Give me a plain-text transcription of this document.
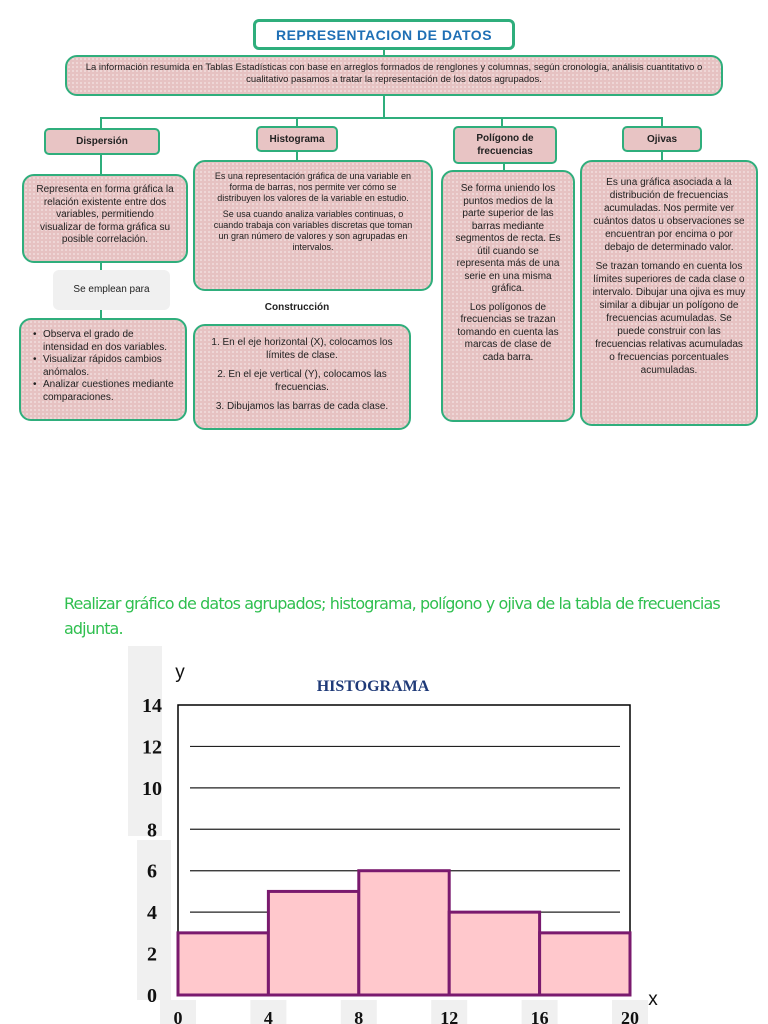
REPRESENTACION DE DATOS
La información resumida en Tablas Estadísticas con base en arreglos formados de renglones y columnas, según cronología, análisis cuantitativo o cualitativo pasamos a tratar la representación de los datos agrupados.
Dispersión	Histograma	Polígono de frecuencias
Ojivas
Representa en forma gráfica la relación existente entre dos variables, permitiendo visualizar de forma gráfica su posible correlación.
Se emplean para
• Observa el grado de intensidad en dos variables.
• Visualizar rápidos cambios anómalos.
• Analizar cuestiones mediante comparaciones.

Es una representación gráfica de una variable en forma de barras, nos permite ver cómo se distribuyen los valores de la variable en estudio.

Se usa cuando analiza variables continuas, o cuando trabaja con variables discretas que toman un gran número de valores y son agrupadas en intervalos.

Construcción

1. En el eje horizontal (X), colocamos los límites de clase.

2. En el eje vertical (Y), colocamos las frecuencias.

3. Dibujamos las barras de cada clase.

Se forma uniendo los puntos medios de la parte superior de las barras mediante segmentos de recta. Es útil cuando se representa más de una serie en una misma gráfica.

Los polígonos de frecuencias se trazan tomando en cuenta las marcas de clase de cada barra.

Es una gráfica asociada a la distribución de frecuencias acumuladas. Nos permite ver cuántos datos u observaciones se encuentran por encima o por debajo de determinado valor.

Se trazan tomando en cuenta los límites superiores de cada clase o intervalo. Dibujar una ojiva es muy similar a dibujar un polígono de frecuencias acumuladas. Se puede construir con las frecuencias relativas acumuladas o frecuencias porcentuales acumuladas.

Realizar gráfico de datos agrupados; histograma, polígono y ojiva de la tabla de frecuencias adjunta.
HISTOGRAMA
y
x
0
2
4
6
8
10
12
14
0	4	8	12	16	20
